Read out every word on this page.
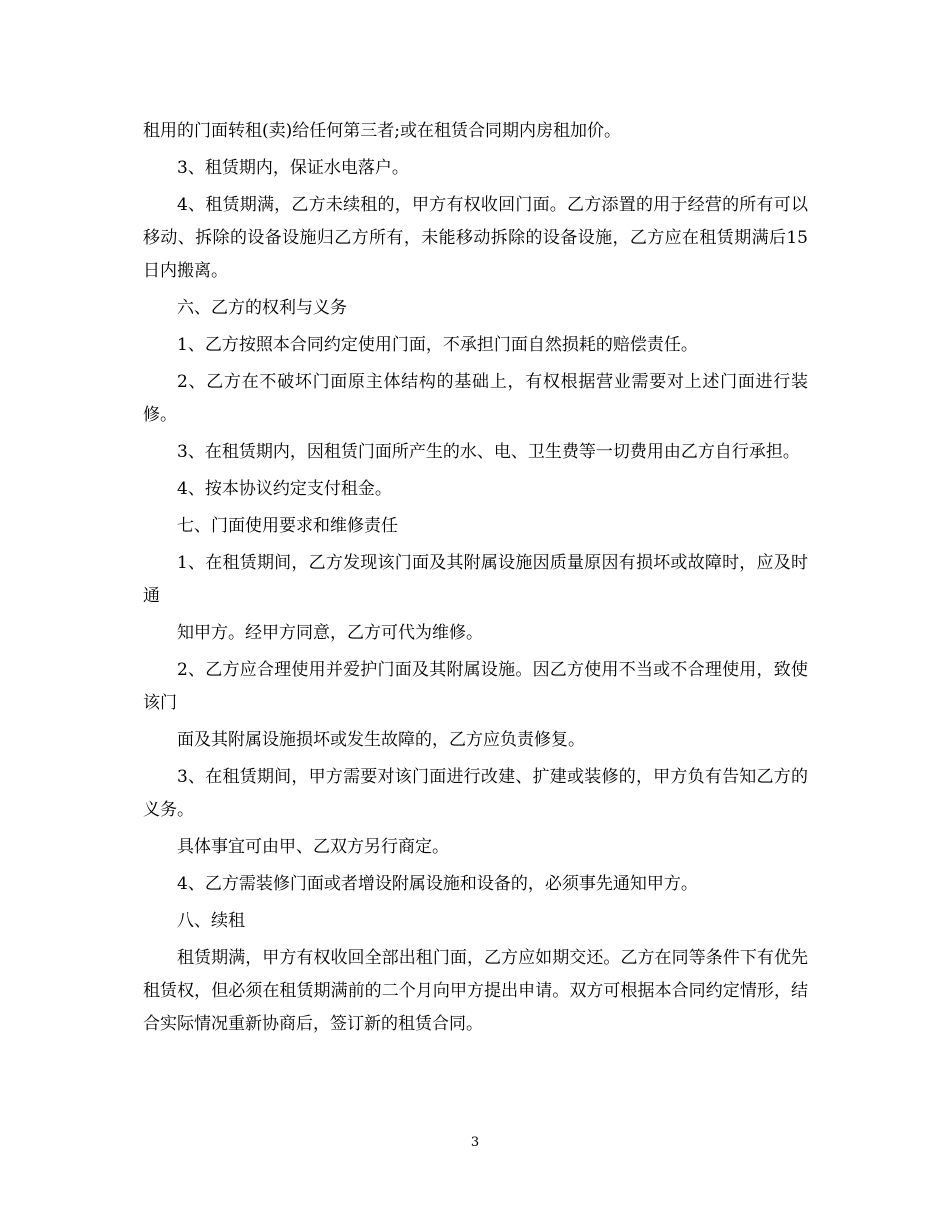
租用的门面转租(卖)给任何第三者;或在租赁合同期内房租加价。

3、租赁期内，保证水电落户。

4、租赁期满，乙方未续租的，甲方有权收回门面。乙方添置的用于经营的所有可以移动、拆除的设备设施归乙方所有，未能移动拆除的设备设施，乙方应在租赁期满后15日内搬离。

六、乙方的权利与义务

1、乙方按照本合同约定使用门面，不承担门面自然损耗的赔偿责任。

2、乙方在不破坏门面原主体结构的基础上，有权根据营业需要对上述门面进行装修。

3、在租赁期内，因租赁门面所产生的水、电、卫生费等一切费用由乙方自行承担。

4、按本协议约定支付租金。

七、门面使用要求和维修责任

1、在租赁期间，乙方发现该门面及其附属设施因质量原因有损坏或故障时，应及时通

知甲方。经甲方同意，乙方可代为维修。

2、乙方应合理使用并爱护门面及其附属设施。因乙方使用不当或不合理使用，致使该门

面及其附属设施损坏或发生故障的，乙方应负责修复。

3、在租赁期间，甲方需要对该门面进行改建、扩建或装修的，甲方负有告知乙方的义务。

具体事宜可由甲、乙双方另行商定。

4、乙方需装修门面或者增设附属设施和设备的，必须事先通知甲方。

八、续租

租赁期满，甲方有权收回全部出租门面，乙方应如期交还。乙方在同等条件下有优先租赁权，但必须在租赁期满前的二个月向甲方提出申请。双方可根据本合同约定情形，结合实际情况重新协商后，签订新的租赁合同。

3
